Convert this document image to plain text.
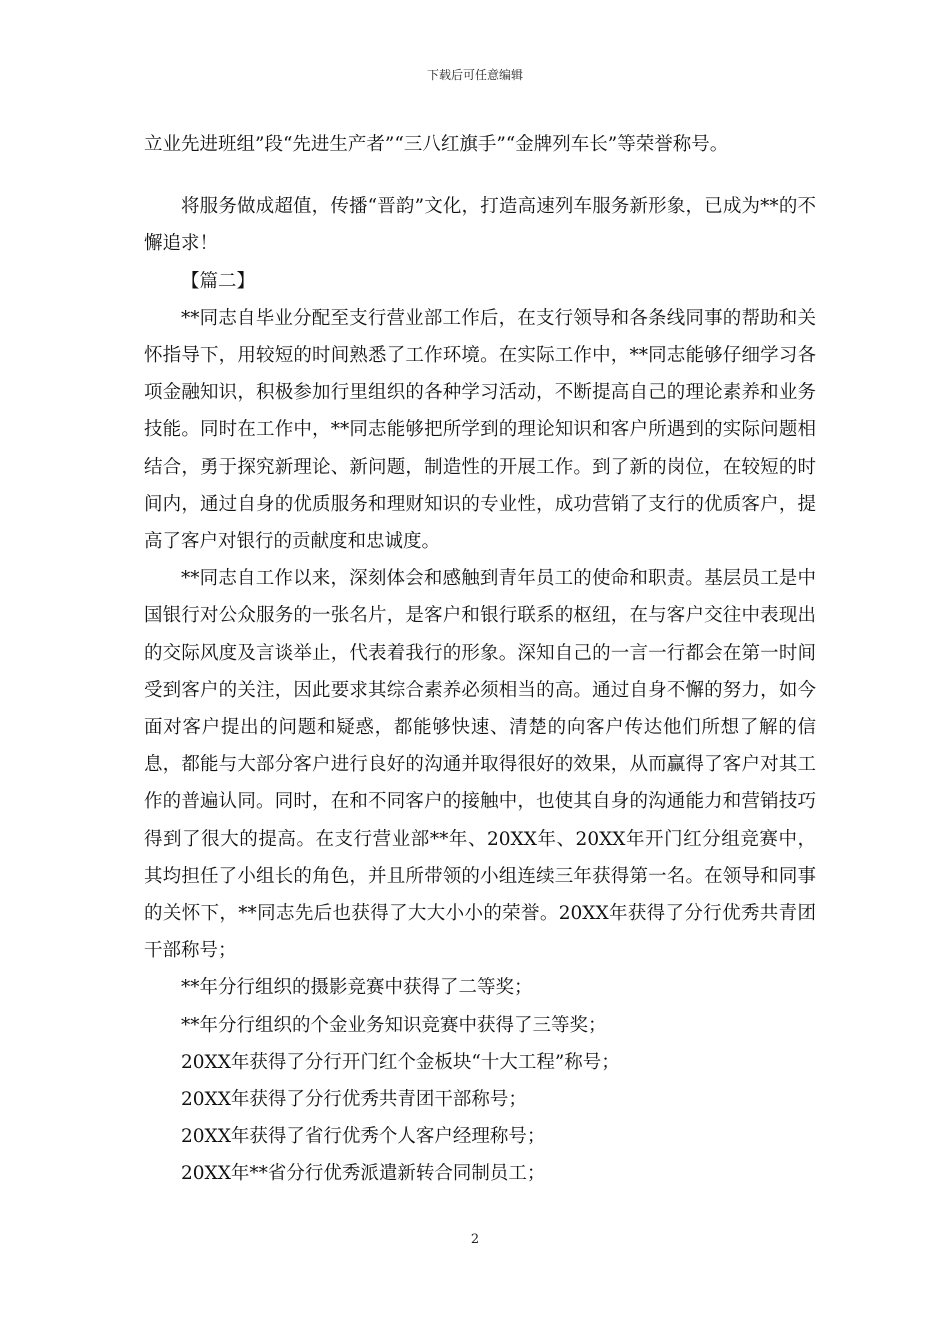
下载后可任意编辑

立业先进班组”段“先进生产者”“三八红旗手”“金牌列车长”等荣誉称号。

将服务做成超值，传播“晋韵”文化，打造高速列车服务新形象，已成为**的不懈追求！

【篇二】

**同志自毕业分配至支行营业部工作后，在支行领导和各条线同事的帮助和关怀指导下，用较短的时间熟悉了工作环境。在实际工作中，**同志能够仔细学习各项金融知识，积极参加行里组织的各种学习活动，不断提高自己的理论素养和业务技能。同时在工作中，**同志能够把所学到的理论知识和客户所遇到的实际问题相结合，勇于探究新理论、新问题，制造性的开展工作。到了新的岗位，在较短的时间内，通过自身的优质服务和理财知识的专业性，成功营销了支行的优质客户，提高了客户对银行的贡献度和忠诚度。

**同志自工作以来，深刻体会和感触到青年员工的使命和职责。基层员工是中国银行对公众服务的一张名片，是客户和银行联系的枢纽，在与客户交往中表现出的交际风度及言谈举止，代表着我行的形象。深知自己的一言一行都会在第一时间受到客户的关注，因此要求其综合素养必须相当的高。通过自身不懈的努力，如今面对客户提出的问题和疑惑，都能够快速、清楚的向客户传达他们所想了解的信息，都能与大部分客户进行良好的沟通并取得很好的效果，从而赢得了客户对其工作的普遍认同。同时，在和不同客户的接触中，也使其自身的沟通能力和营销技巧得到了很大的提高。在支行营业部**年、20XX年、20XX年开门红分组竞赛中，其均担任了小组长的角色，并且所带领的小组连续三年获得第一名。在领导和同事的关怀下，**同志先后也获得了大大小小的荣誉。20XX年获得了分行优秀共青团干部称号；

**年分行组织的摄影竞赛中获得了二等奖；

**年分行组织的个金业务知识竞赛中获得了三等奖；

20XX年获得了分行开门红个金板块“十大工程”称号；

20XX年获得了分行优秀共青团干部称号；

20XX年获得了省行优秀个人客户经理称号；

20XX年**省分行优秀派遣新转合同制员工；

2
